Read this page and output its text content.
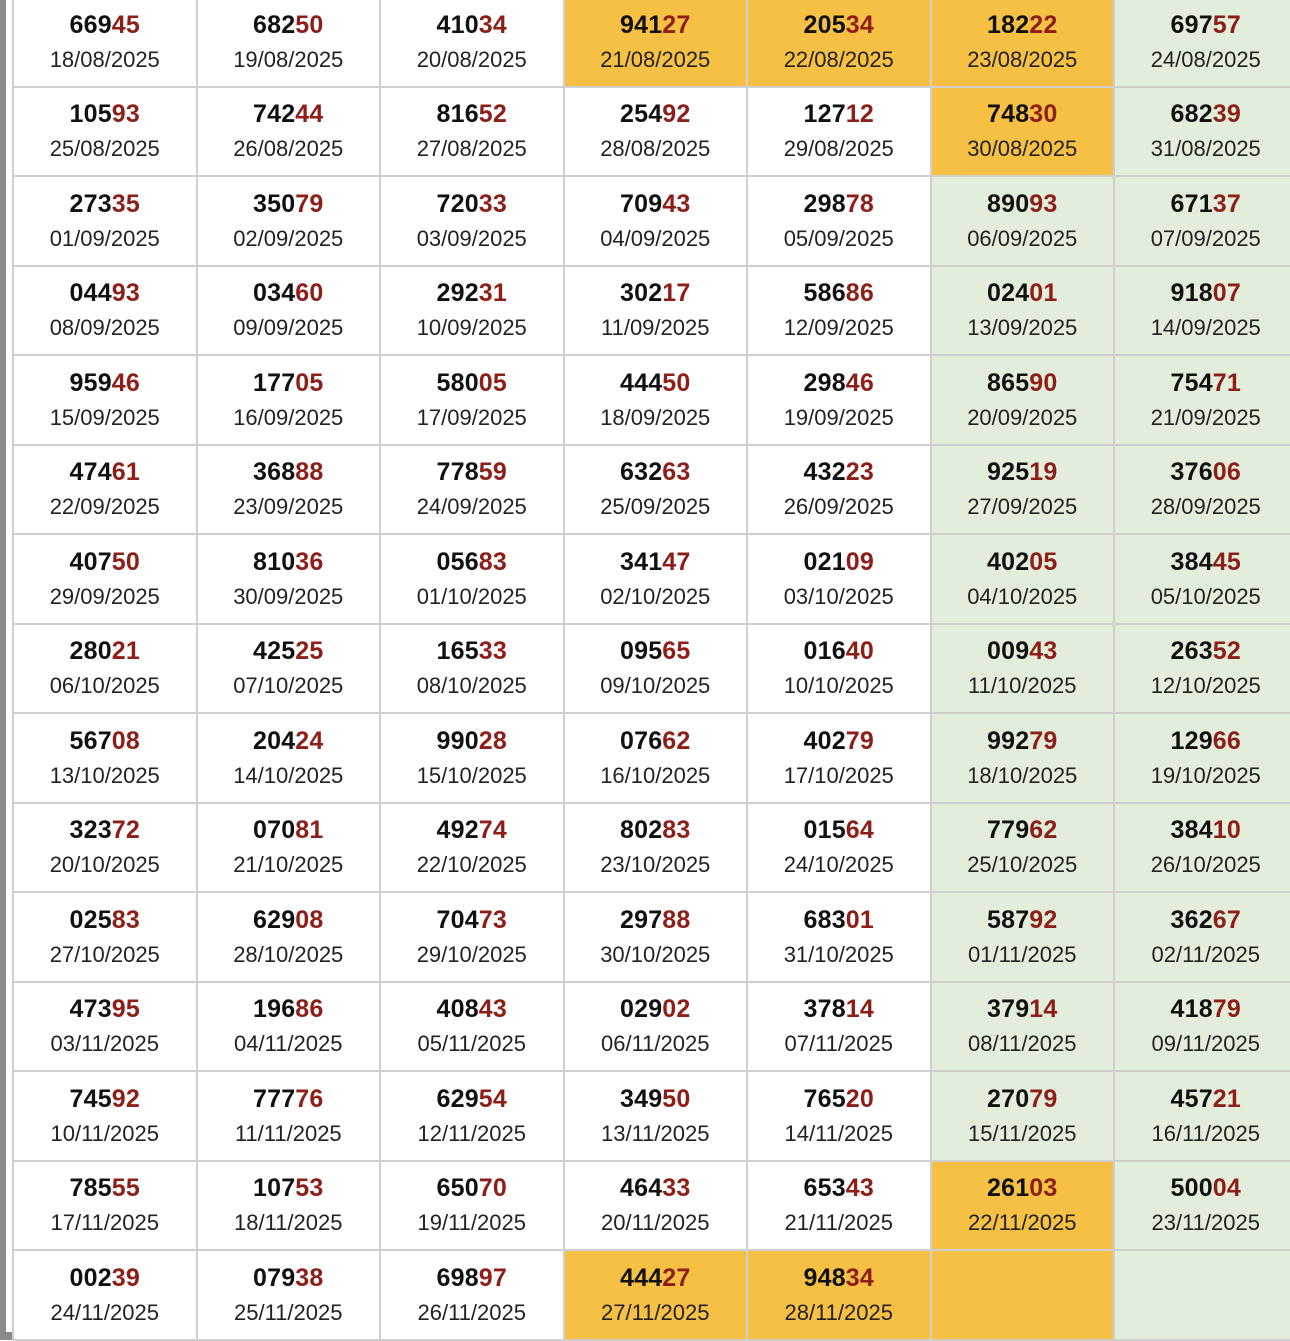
66945
18/08/2025	68250
19/08/2025	41034
20/08/2025	94127
21/08/2025	20534
22/08/2025	18222
23/08/2025	69757
24/08/2025

10593
25/08/2025	74244
26/08/2025	81652
27/08/2025	25492
28/08/2025	12712
29/08/2025	74830
30/08/2025	68239
31/08/2025

27335
01/09/2025	35079
02/09/2025	72033
03/09/2025	70943
04/09/2025	29878
05/09/2025	89093
06/09/2025	67137
07/09/2025

04493
08/09/2025	03460
09/09/2025	29231
10/09/2025	30217
11/09/2025	58686
12/09/2025	02401
13/09/2025	91807
14/09/2025

95946
15/09/2025	17705
16/09/2025	58005
17/09/2025	44450
18/09/2025	29846
19/09/2025	86590
20/09/2025	75471
21/09/2025

47461
22/09/2025	36888
23/09/2025	77859
24/09/2025	63263
25/09/2025	43223
26/09/2025	92519
27/09/2025	37606
28/09/2025

40750
29/09/2025	81036
30/09/2025	05683
01/10/2025	34147
02/10/2025	02109
03/10/2025	40205
04/10/2025	38445
05/10/2025

28021
06/10/2025	42525
07/10/2025	16533
08/10/2025	09565
09/10/2025	01640
10/10/2025	00943
11/10/2025	26352
12/10/2025

56708
13/10/2025	20424
14/10/2025	99028
15/10/2025	07662
16/10/2025	40279
17/10/2025	99279
18/10/2025	12966
19/10/2025

32372
20/10/2025	07081
21/10/2025	49274
22/10/2025	80283
23/10/2025	01564
24/10/2025	77962
25/10/2025	38410
26/10/2025

02583
27/10/2025	62908
28/10/2025	70473
29/10/2025	29788
30/10/2025	68301
31/10/2025	58792
01/11/2025	36267
02/11/2025

47395
03/11/2025	19686
04/11/2025	40843
05/11/2025	02902
06/11/2025	37814
07/11/2025	37914
08/11/2025	41879
09/11/2025

74592
10/11/2025	77776
11/11/2025	62954
12/11/2025	34950
13/11/2025	76520
14/11/2025	27079
15/11/2025	45721
16/11/2025

78555
17/11/2025	10753
18/11/2025	65070
19/11/2025	46433
20/11/2025	65343
21/11/2025	26103
22/11/2025	50004
23/11/2025

00239
24/11/2025	07938
25/11/2025	69897
26/11/2025	44427
27/11/2025	94834
28/11/2025		
